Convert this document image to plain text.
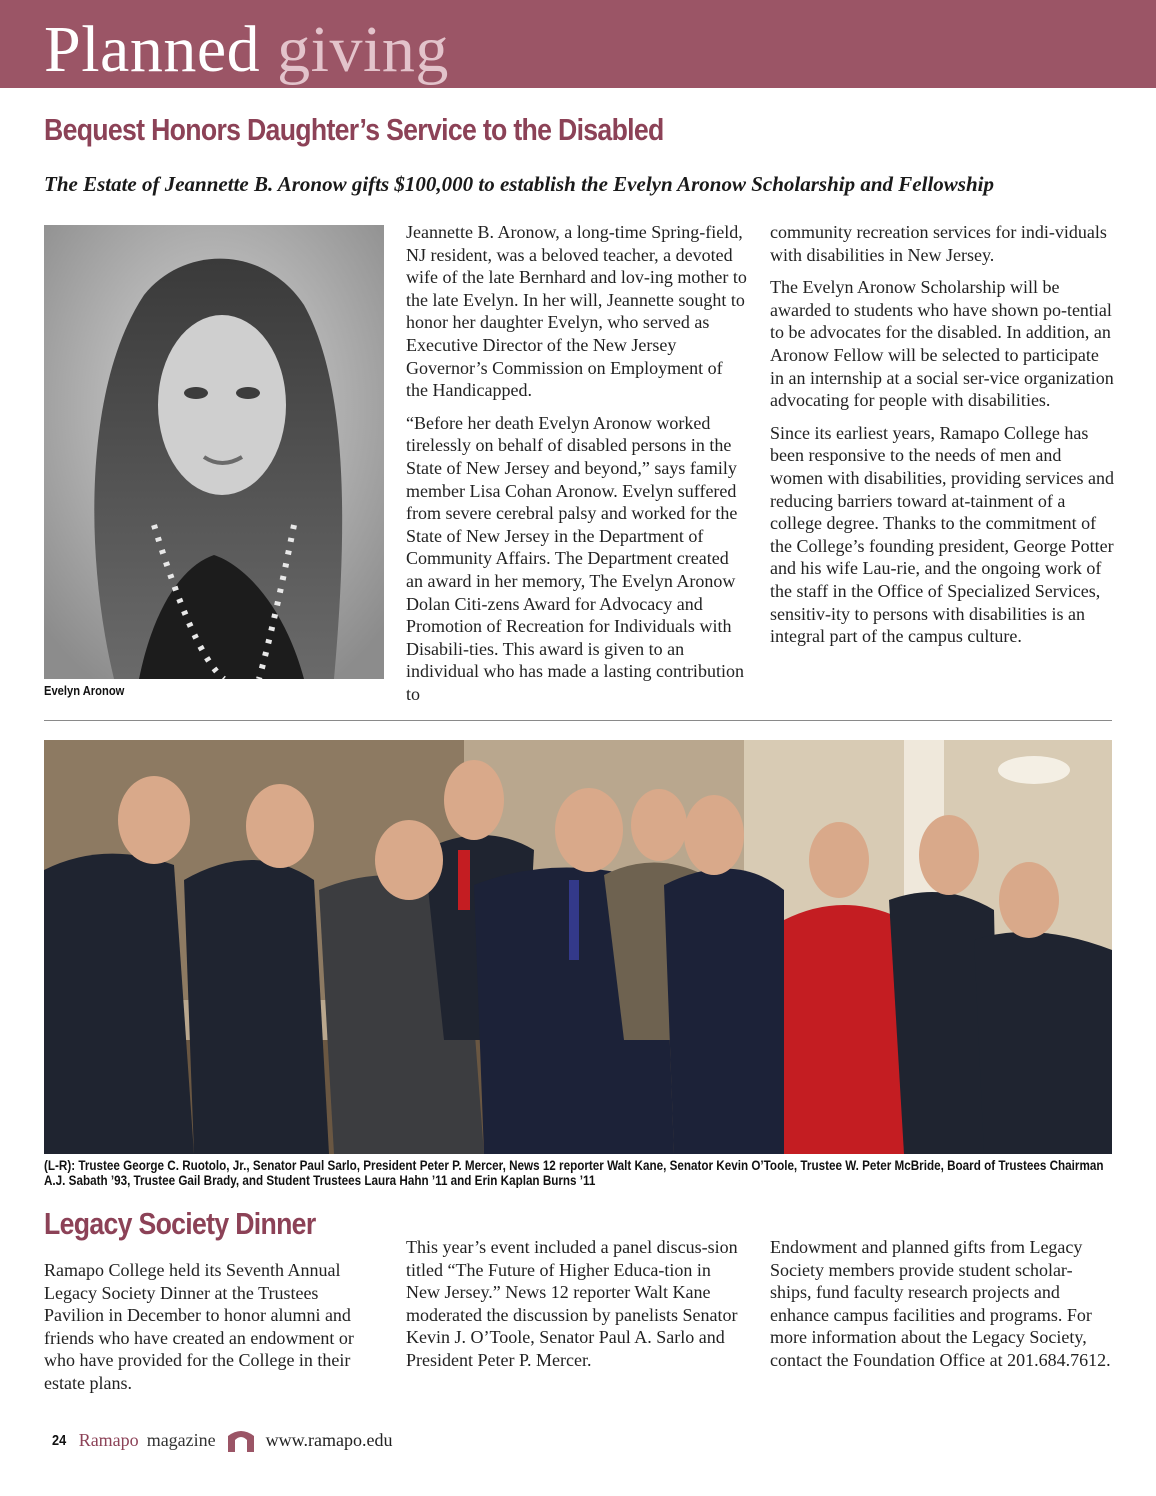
Planned giving
Bequest Honors Daughter’s Service to the Disabled
The Estate of Jeannette B. Aronow gifts $100,000 to establish the Evelyn Aronow Scholarship and Fellowship
Evelyn Aronow

Jeannette B. Aronow, a long-time Spring-field, NJ resident, was a beloved teacher, a devoted wife of the late Bernhard and lov-ing mother to the late Evelyn. In her will, Jeannette sought to honor her daughter Evelyn, who served as Executive Director of the New Jersey Governor’s Commission on Employment of the Handicapped.

“Before her death Evelyn Aronow worked tirelessly on behalf of disabled persons in the State of New Jersey and beyond,” says family member Lisa Cohan Aronow. Evelyn suffered from severe cerebral palsy and worked for the State of New Jersey in the Department of Community Affairs. The Department created an award in her memory, The Evelyn Aronow Dolan Citi-zens Award for Advocacy and Promotion of Recreation for Individuals with Disabili-ties. This award is given to an individual who has made a lasting contribution to

community recreation services for indi-viduals with disabilities in New Jersey.

The Evelyn Aronow Scholarship will be awarded to students who have shown po-tential to be advocates for the disabled. In addition, an Aronow Fellow will be selected to participate in an internship at a social ser-vice organization advocating for people with disabilities.

Since its earliest years, Ramapo College has been responsive to the needs of men and women with disabilities, providing services and reducing barriers toward at-tainment of a college degree. Thanks to the commitment of the College’s founding president, George Potter and his wife Lau-rie, and the ongoing work of the staff in the Office of Specialized Services, sensitiv-ity to persons with disabilities is an integral part of the campus culture.

(L-R): Trustee George C. Ruotolo, Jr., Senator Paul Sarlo, President Peter P. Mercer, News 12 reporter Walt Kane, Senator Kevin O’Toole, Trustee W. Peter McBride, Board of Trustees Chairman A.J. Sabath ’93, Trustee Gail Brady, and Student Trustees Laura Hahn ’11 and Erin Kaplan Burns ’11
Legacy Society Dinner
Ramapo College held its Seventh Annual Legacy Society Dinner at the Trustees Pavilion in December to honor alumni and friends who have created an endowment or who have provided for the College in their estate plans.
This year’s event included a panel discus-sion titled “The Future of Higher Educa-tion in New Jersey.” News 12 reporter Walt Kane moderated the discussion by panelists Senator Kevin J. O’Toole, Senator Paul A. Sarlo and President Peter P. Mercer.
Endowment and planned gifts from Legacy Society members provide student scholar-ships, fund faculty research projects and enhance campus facilities and programs. For more information about the Legacy Society, contact the Foundation Office at 201.684.7612.
24 Ramapo magazine	www.ramapo.edu
